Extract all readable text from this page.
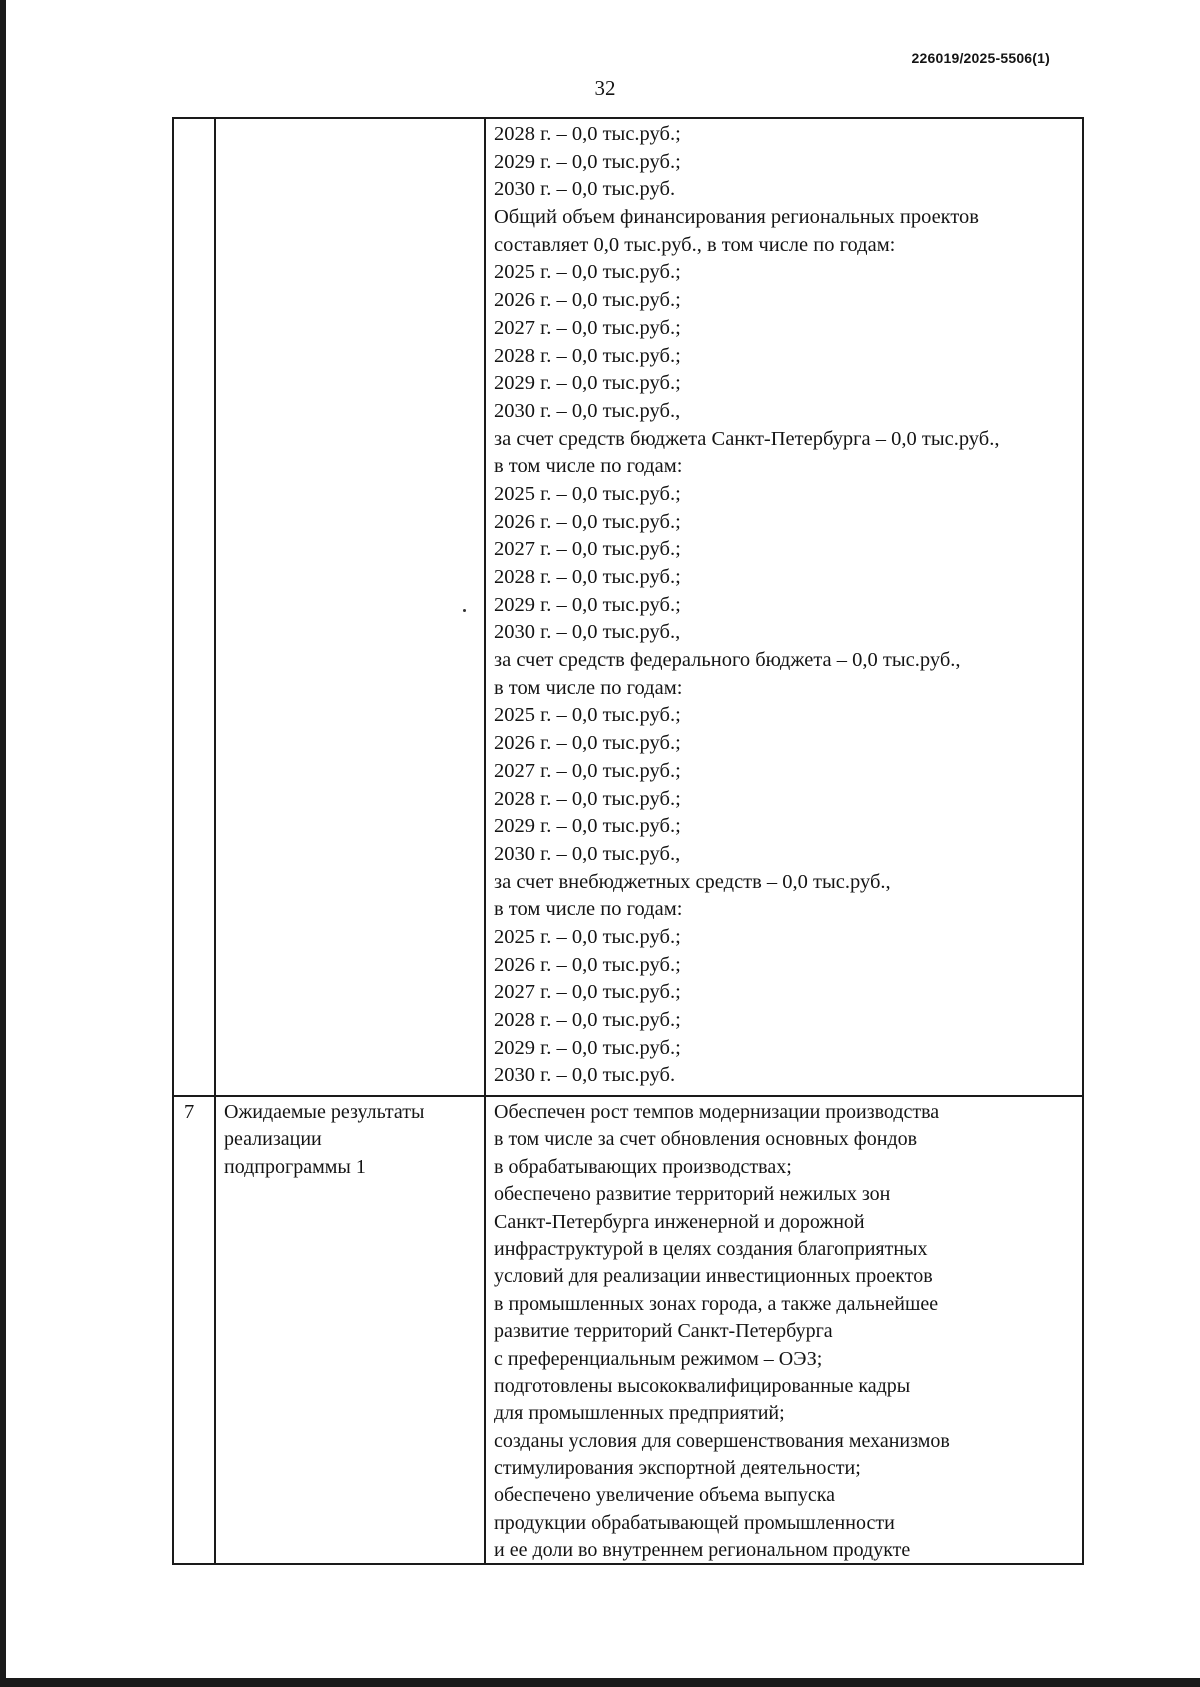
226019/2025-5506(1)
32
2028 г. – 0,0 тыс.руб.;
2029 г. – 0,0 тыс.руб.;
2030 г. – 0,0 тыс.руб.
Общий объем финансирования региональных проектов
составляет 0,0 тыс.руб., в том числе по годам:
2025 г. – 0,0 тыс.руб.;
2026 г. – 0,0 тыс.руб.;
2027 г. – 0,0 тыс.руб.;
2028 г. – 0,0 тыс.руб.;
2029 г. – 0,0 тыс.руб.;
2030 г. – 0,0 тыс.руб.,
за счет средств бюджета Санкт-Петербурга – 0,0 тыс.руб.,
в том числе по годам:
2025 г. – 0,0 тыс.руб.;
2026 г. – 0,0 тыс.руб.;
2027 г. – 0,0 тыс.руб.;
2028 г. – 0,0 тыс.руб.;
2029 г. – 0,0 тыс.руб.;
2030 г. – 0,0 тыс.руб.,
за счет средств федерального бюджета – 0,0 тыс.руб.,
в том числе по годам:
2025 г. – 0,0 тыс.руб.;
2026 г. – 0,0 тыс.руб.;
2027 г. – 0,0 тыс.руб.;
2028 г. – 0,0 тыс.руб.;
2029 г. – 0,0 тыс.руб.;
2030 г. – 0,0 тыс.руб.,
за счет внебюджетных средств – 0,0 тыс.руб.,
в том числе по годам:
2025 г. – 0,0 тыс.руб.;
2026 г. – 0,0 тыс.руб.;
2027 г. – 0,0 тыс.руб.;
2028 г. – 0,0 тыс.руб.;
2029 г. – 0,0 тыс.руб.;
2030 г. – 0,0 тыс.руб.
7	Ожидаемые результаты
реализации
подпрограммы 1
Обеспечен рост темпов модернизации производства
в том числе за счет обновления основных фондов
в обрабатывающих производствах;
обеспечено развитие территорий нежилых зон
Санкт-Петербурга инженерной и дорожной
инфраструктурой в целях создания благоприятных
условий для реализации инвестиционных проектов
в промышленных зонах города, а также дальнейшее
развитие территорий Санкт-Петербурга
с преференциальным режимом – ОЭЗ;
подготовлены высококвалифицированные кадры
для промышленных предприятий;
созданы условия для совершенствования механизмов
стимулирования экспортной деятельности;
обеспечено увеличение объема выпуска
продукции обрабатывающей промышленности
и ее доли во внутреннем региональном продукте
